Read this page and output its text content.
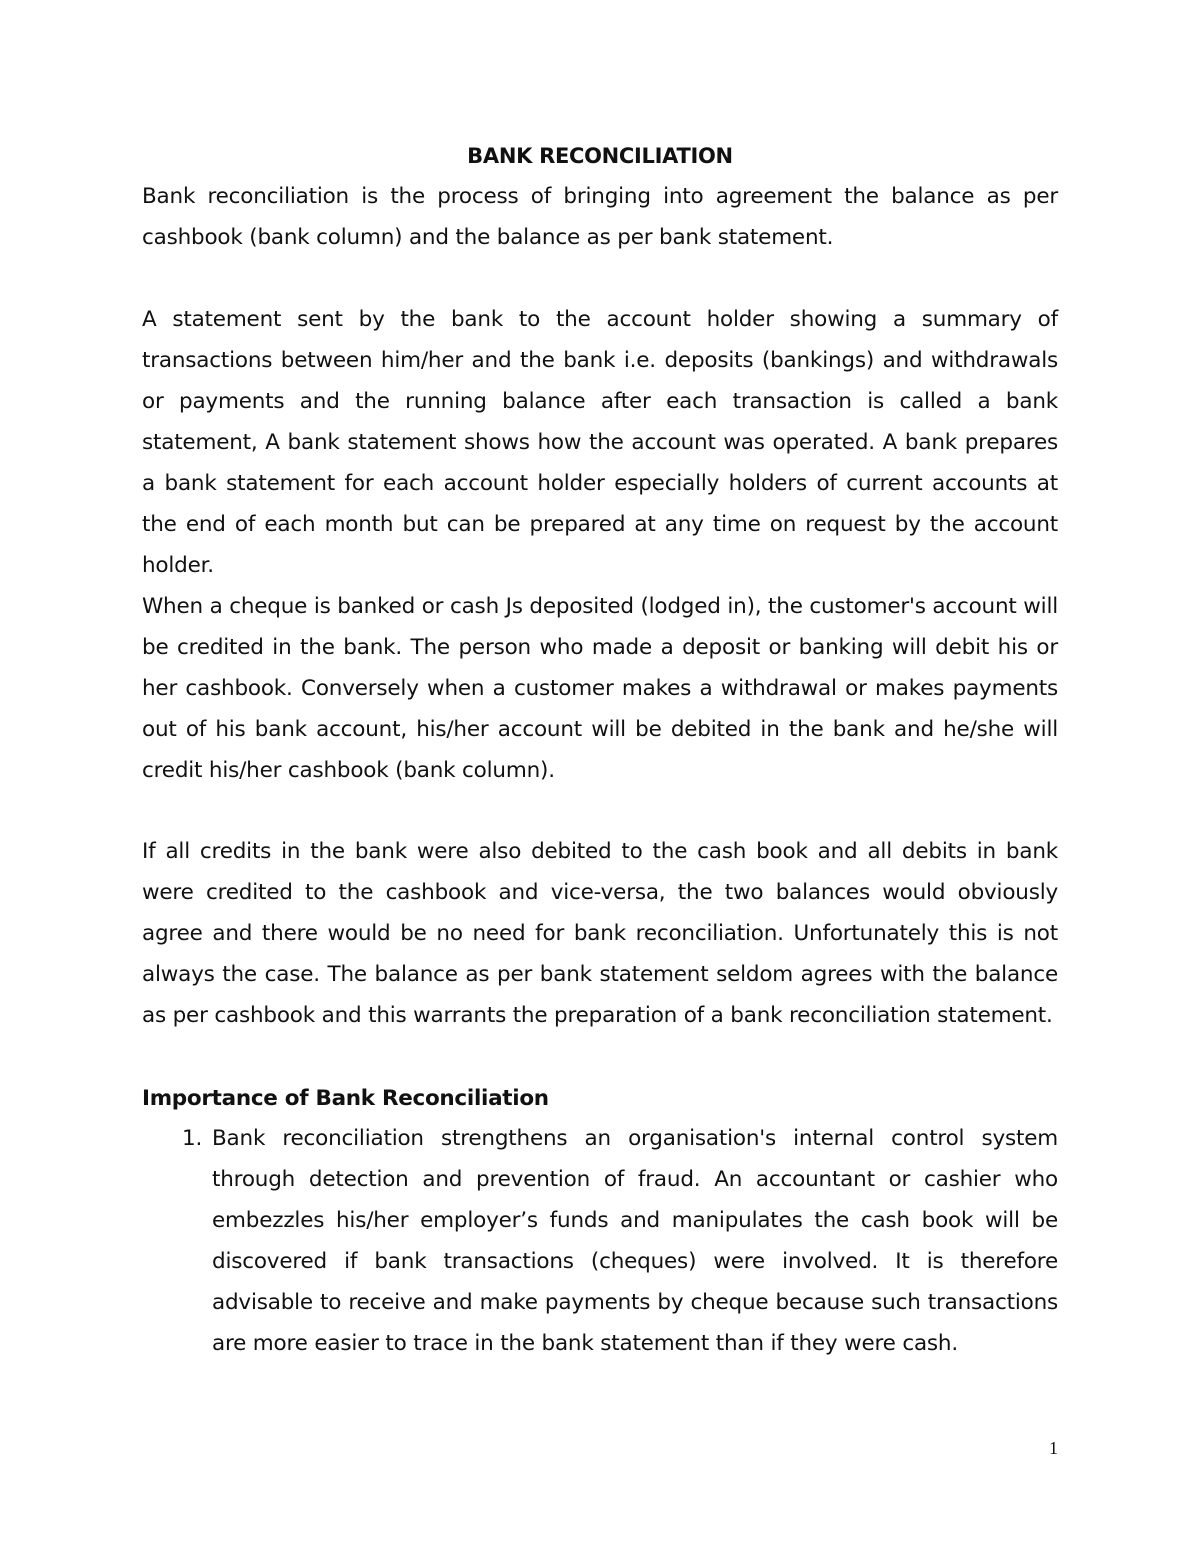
BANK RECONCILIATION

Bank reconciliation is the process of bringing into agreement the balance as per cashbook (bank column) and the balance as per bank statement.

A statement sent by the bank to the account holder showing a summary of transactions between him/her and the bank i.e. deposits (bankings) and withdrawals or payments and the running balance after each transaction is called a bank statement, A bank statement shows how the account was operated. A bank prepares a bank statement for each account holder especially holders of current accounts at the end of each month but can be prepared at any time on request by the account holder.

When a cheque is banked or cash Js deposited (lodged in), the customer's account will be credited in the bank. The person who made a deposit or banking will debit his or her cashbook. Conversely when a customer makes a withdrawal or makes payments out of his bank account, his/her account will be debited in the bank and he/she will credit his/her cashbook (bank column).

If all credits in the bank were also debited to the cash book and all debits in bank were credited to the cashbook and vice-versa, the two balances would obviously agree and there would be no need for bank reconciliation. Unfortunately this is not always the case. The balance as per bank statement seldom agrees with the balance as per cashbook and this warrants the preparation of a bank reconciliation statement.

Importance of Bank Reconciliation
1. Bank reconciliation strengthens an organisation's internal control system through detection and prevention of fraud. An accountant or cashier who embezzles his/her employer’s funds and manipulates the cash book will be discovered if bank transactions (cheques) were involved. It is therefore advisable to receive and make payments by cheque because such transactions are more easier to trace in the bank statement than if they were cash.
1
